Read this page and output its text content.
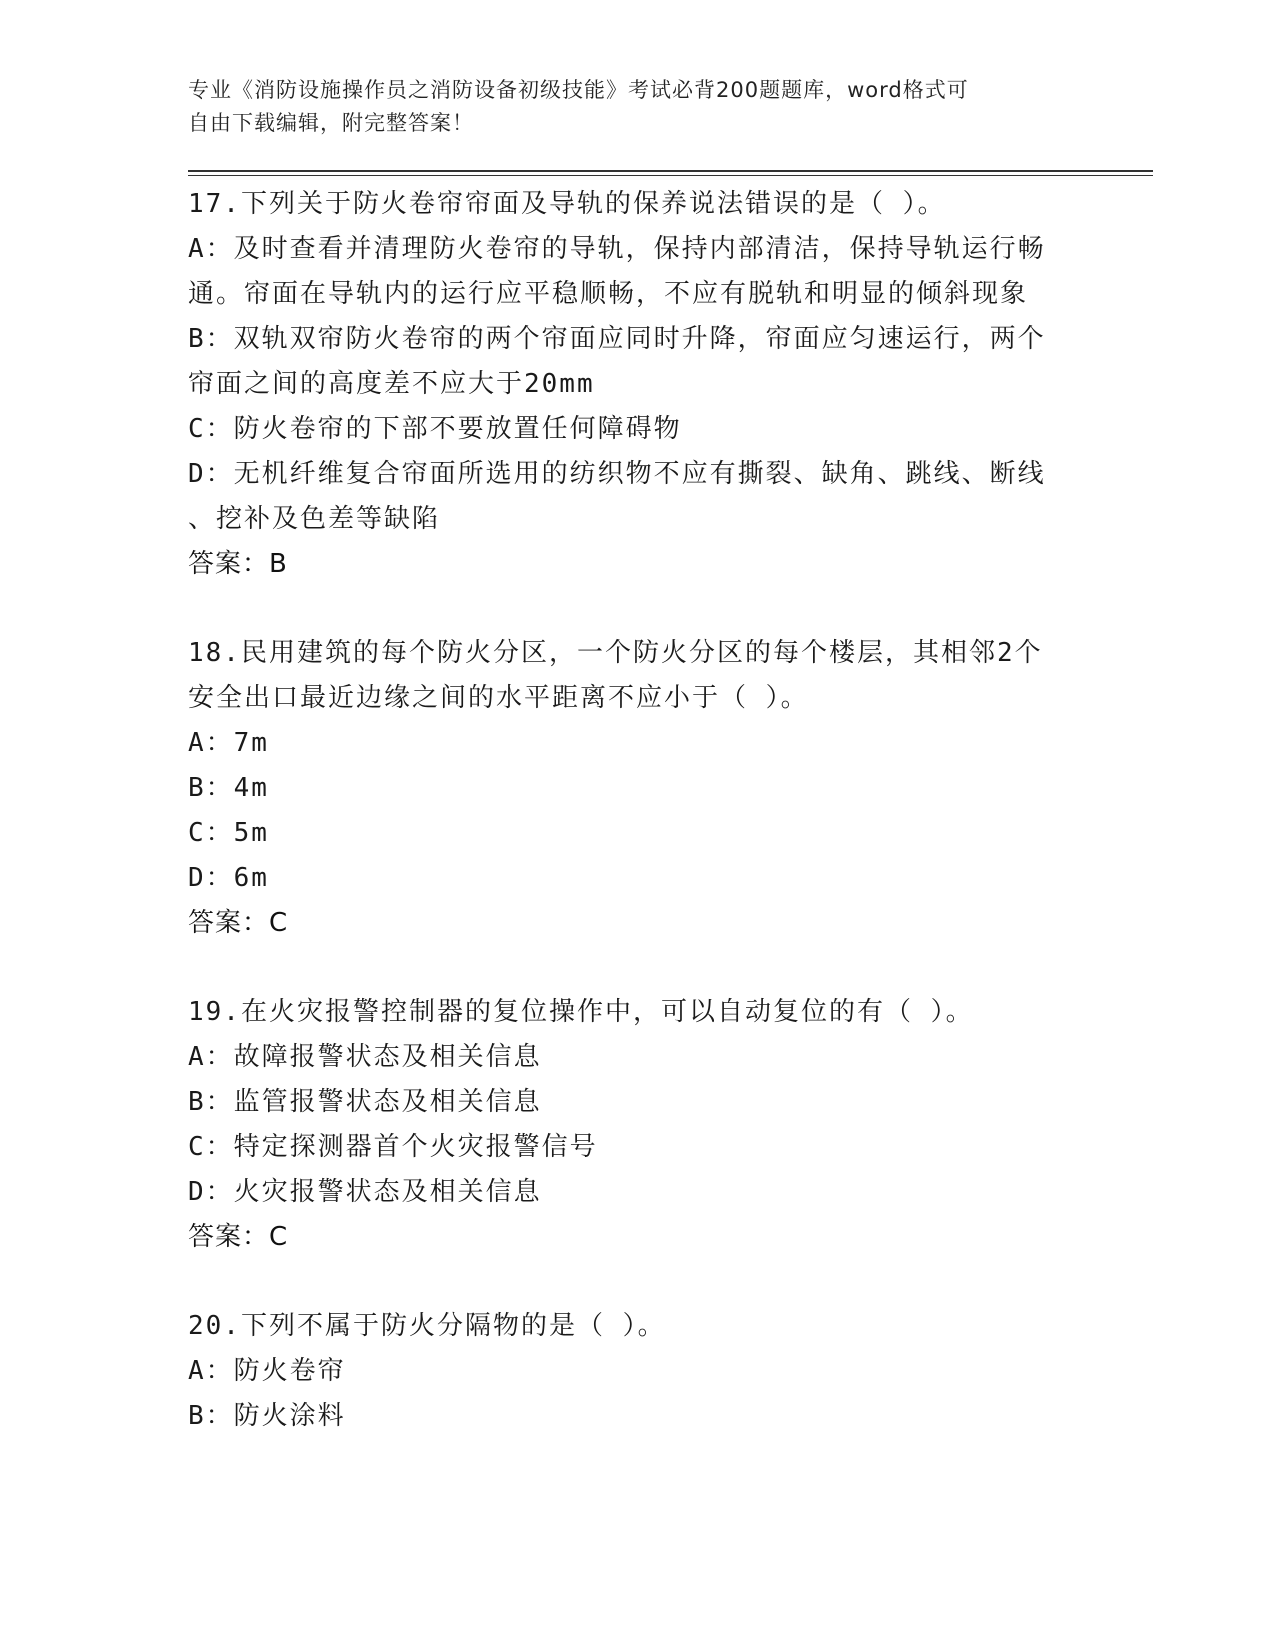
专业《消防设施操作员之消防设备初级技能》考试必背200题题库，word格式可
自由下载编辑，附完整答案！
17.下列关于防火卷帘帘面及导轨的保养说法错误的是（ ）。
A：及时查看并清理防火卷帘的导轨，保持内部清洁，保持导轨运行畅
通。帘面在导轨内的运行应平稳顺畅，不应有脱轨和明显的倾斜现象
B：双轨双帘防火卷帘的两个帘面应同时升降，帘面应匀速运行，两个
帘面之间的高度差不应大于20mm
C：防火卷帘的下部不要放置任何障碍物
D：无机纤维复合帘面所选用的纺织物不应有撕裂、缺角、跳线、断线
、挖补及色差等缺陷
答案：B
18.民用建筑的每个防火分区，一个防火分区的每个楼层，其相邻2个
安全出口最近边缘之间的水平距离不应小于（ ）。
A：7m
B：4m
C：5m
D：6m
答案：C
19.在火灾报警控制器的复位操作中，可以自动复位的有（ ）。
A：故障报警状态及相关信息
B：监管报警状态及相关信息
C：特定探测器首个火灾报警信号
D：火灾报警状态及相关信息
答案：C
20.下列不属于防火分隔物的是（ ）。
A：防火卷帘
B：防火涂料
